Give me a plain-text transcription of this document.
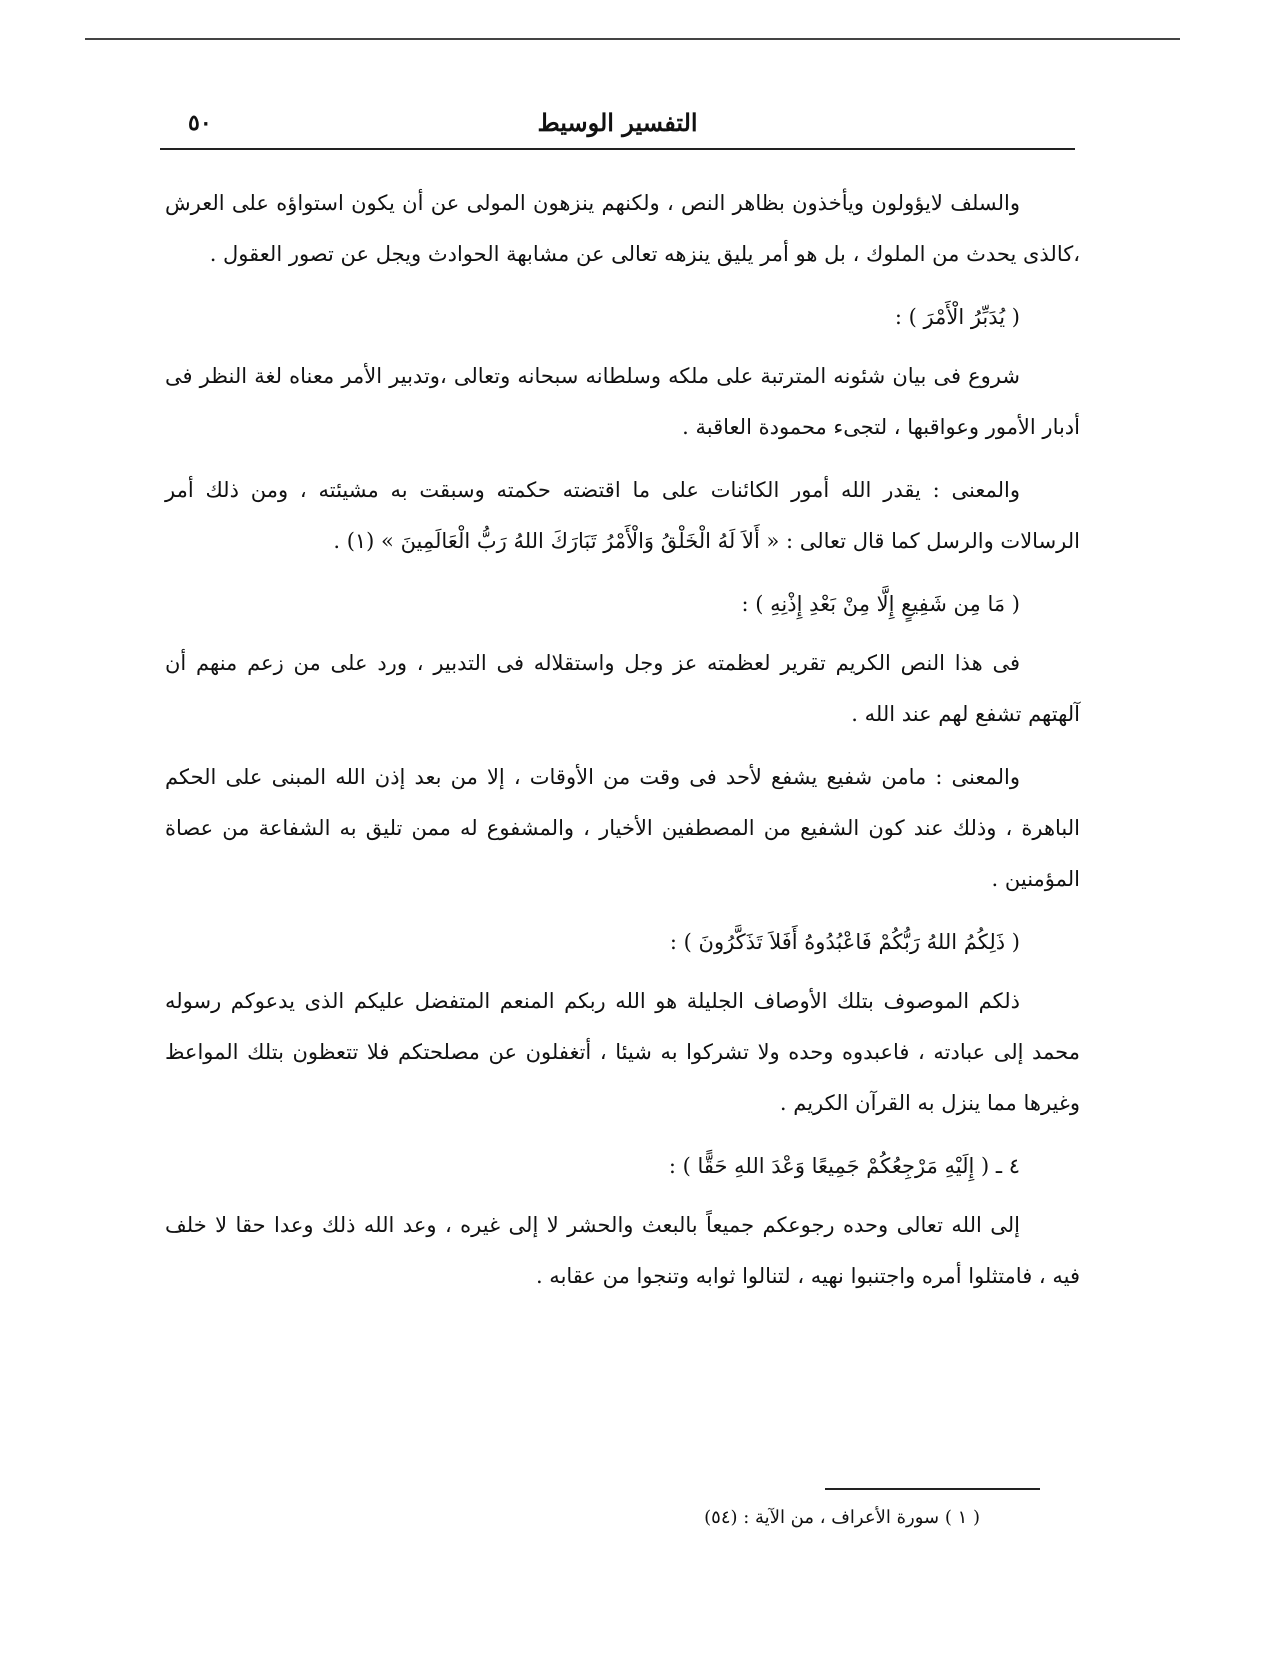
٥٠	التفسير الوسيط

والسلف لايؤولون ويأخذون بظاهر النص ، ولكنهم ينزهون المولى عن أن يكون استواؤه على العرش ،كالذى يحدث من الملوك ، بل هو أمر يليق ينزهه تعالى عن مشابهة الحوادث ويجل عن تصور العقول .

( يُدَبِّرُ الْأَمْرَ ) :

شروع فى بيان شئونه المترتبة على ملكه وسلطانه سبحانه وتعالى ،وتدبير الأمر معناه لغة النظر فى أدبار الأمور وعواقبها ، لتجىء محمودة العاقبة .

والمعنى : يقدر الله أمور الكائنات على ما اقتضته حكمته وسبقت به مشيئته ، ومن ذلك أمر الرسالات والرسل كما قال تعالى : « أَلاَ لَهُ الْخَلْقُ وَالْأَمْرُ تَبَارَكَ اللهُ رَبُّ الْعَالَمِينَ » (١) .

( مَا مِن شَفِيعٍ إِلَّا مِنْ بَعْدِ إِذْنِهِ ) :

فى هذا النص الكريم تقرير لعظمته عز وجل واستقلاله فى التدبير ، ورد على من زعم منهم أن آلهتهم تشفع لهم عند الله .

والمعنى : مامن شفيع يشفع لأحد فى وقت من الأوقات ، إلا من بعد إذن الله المبنى على الحكم الباهرة ، وذلك عند كون الشفيع من المصطفين الأخيار ، والمشفوع له ممن تليق به الشفاعة من عصاة المؤمنين .

( ذَلِكُمُ اللهُ رَبُّكُمْ فَاعْبُدُوهُ أَفَلاَ تَذَكَّرُونَ ) :

ذلكم الموصوف بتلك الأوصاف الجليلة هو الله ربكم المنعم المتفضل عليكم الذى يدعوكم رسوله محمد إلى عبادته ، فاعبدوه وحده ولا تشركوا به شيئا ، أتغفلون عن مصلحتكم فلا تتعظون بتلك المواعظ وغيرها مما ينزل به القرآن الكريم .

٤ ـ ( إِلَيْهِ مَرْجِعُكُمْ جَمِيعًا وَعْدَ اللهِ حَقًّا ) :

إلى الله تعالى وحده رجوعكم جميعاً بالبعث والحشر لا إلى غيره ، وعد الله ذلك وعدا حقا لا خلف فيه ، فامتثلوا أمره واجتنبوا نهيه ، لتنالوا ثوابه وتنجوا من عقابه .

( ١ ) سورة الأعراف ، من الآية : (٥٤)
